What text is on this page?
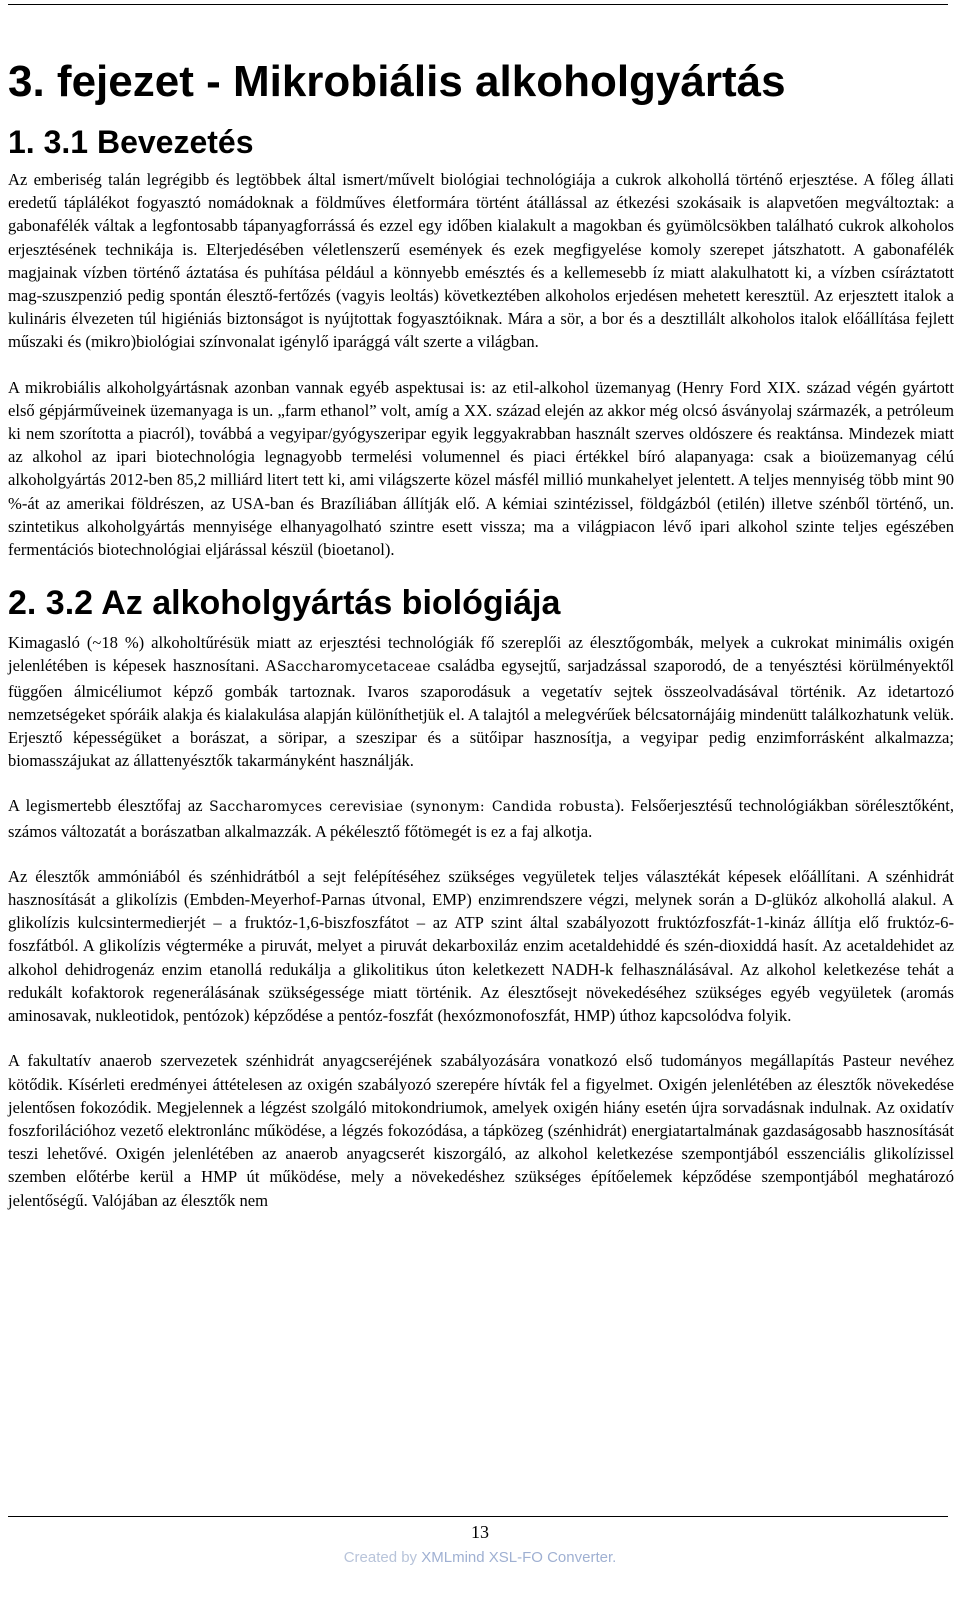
3. fejezet - Mikrobiális alkoholgyártás
1. 3.1 Bevezetés

Az emberiség talán legrégibb és legtöbbek által ismert/művelt biológiai technológiája a cukrok alkohollá történő erjesztése. A főleg állati eredetű táplálékot fogyasztó nomádoknak a földműves életformára történt átállással az étkezési szokásaik is alapvetően megváltoztak: a gabonafélék váltak a legfontosabb tápanyagforrássá és ezzel egy időben kialakult a magokban és gyümölcsökben található cukrok alkoholos erjesztésének technikája is. Elterjedésében véletlenszerű események és ezek megfigyelése komoly szerepet játszhatott. A gabonafélék magjainak vízben történő áztatása és puhítása például a könnyebb emésztés és a kellemesebb íz miatt alakulhatott ki, a vízben csíráztatott mag-szuszpenzió pedig spontán élesztő-fertőzés (vagyis leoltás) következtében alkoholos erjedésen mehetett keresztül. Az erjesztett italok a kulináris élvezeten túl higiéniás biztonságot is nyújtottak fogyasztóiknak. Mára a sör, a bor és a desztillált alkoholos italok előállítása fejlett műszaki és (mikro)biológiai színvonalat igénylő iparággá vált szerte a világban.

A mikrobiális alkoholgyártásnak azonban vannak egyéb aspektusai is: az etil-alkohol üzemanyag (Henry Ford XIX. század végén gyártott első gépjárműveinek üzemanyaga is un. „farm ethanol” volt, amíg a XX. század elején az akkor még olcsó ásványolaj származék, a petróleum ki nem szorította a piacról), továbbá a vegyipar/gyógyszeripar egyik leggyakrabban használt szerves oldószere és reaktánsa. Mindezek miatt az alkohol az ipari biotechnológia legnagyobb termelési volumennel és piaci értékkel bíró alapanyaga: csak a bioüzemanyag célú alkoholgyártás 2012-ben 85,2 milliárd litert tett ki, ami világszerte közel másfél millió munkahelyet jelentett. A teljes mennyiség több mint 90 %-át az amerikai földrészen, az USA-ban és Brazíliában állítják elő. A kémiai szintézissel, földgázból (etilén) illetve szénből történő, un. szintetikus alkoholgyártás mennyisége elhanyagolható szintre esett vissza; ma a világpiacon lévő ipari alkohol szinte teljes egészében fermentációs biotechnológiai eljárással készül (bioetanol).

2. 3.2 Az alkoholgyártás biológiája

Kimagasló (~18 %) alkoholtűrésük miatt az erjesztési technológiák fő szereplői az élesztőgombák, melyek a cukrokat minimális oxigén jelenlétében is képesek hasznosítani. ASaccharomycetaceae családba egysejtű, sarjadzással szaporodó, de a tenyésztési körülményektől függően álmicéliumot képző gombák tartoznak. Ivaros szaporodásuk a vegetatív sejtek összeolvadásával történik. Az idetartozó nemzetségeket spóráik alakja és kialakulása alapján különíthetjük el. A talajtól a melegvérűek bélcsatornájáig mindenütt találkozhatunk velük. Erjesztő képességüket a borászat, a söripar, a szeszipar és a sütőipar hasznosítja, a vegyipar pedig enzimforrásként alkalmazza; biomasszájukat az állattenyésztők takarmányként használják.

A legismertebb élesztőfaj az Saccharomyces cerevisiae (synonym: Candida robusta). Felsőerjesztésű technológiákban sörélesztőként, számos változatát a borászatban alkalmazzák. A pékélesztő főtömegét is ez a faj alkotja.

Az élesztők ammóniából és szénhidrátból a sejt felépítéséhez szükséges vegyületek teljes választékát képesek előállítani. A szénhidrát hasznosítását a glikolízis (Embden-Meyerhof-Parnas útvonal, EMP) enzimrendszere végzi, melynek során a D-glükóz alkohollá alakul. A glikolízis kulcsintermedierjét – a fruktóz-1,6-biszfoszfátot – az ATP szint által szabályozott fruktózfoszfát-1-kináz állítja elő fruktóz-6-foszfátból. A glikolízis végterméke a piruvát, melyet a piruvát dekarboxiláz enzim acetaldehiddé és szén-dioxiddá hasít. Az acetaldehidet az alkohol dehidrogenáz enzim etanollá redukálja a glikolitikus úton keletkezett NADH-k felhasználásával. Az alkohol keletkezése tehát a redukált kofaktorok regenerálásának szükségessége miatt történik. Az élesztősejt növekedéséhez szükséges egyéb vegyületek (aromás aminosavak, nukleotidok, pentózok) képződése a pentóz-foszfát (hexózmonofoszfát, HMP) úthoz kapcsolódva folyik.

A fakultatív anaerob szervezetek szénhidrát anyagcseréjének szabályozására vonatkozó első tudományos megállapítás Pasteur nevéhez kötődik. Kísérleti eredményei áttételesen az oxigén szabályozó szerepére hívták fel a figyelmet. Oxigén jelenlétében az élesztők növekedése jelentősen fokozódik. Megjelennek a légzést szolgáló mitokondriumok, amelyek oxigén hiány esetén újra sorvadásnak indulnak. Az oxidatív foszforilációhoz vezető elektronlánc működése, a légzés fokozódása, a tápközeg (szénhidrát) energiatartalmának gazdaságosabb hasznosítását teszi lehetővé. Oxigén jelenlétében az anaerob anyagcserét kiszorgáló, az alkohol keletkezése szempontjából esszenciális glikolízissel szemben előtérbe kerül a HMP út működése, mely a növekedéshez szükséges építőelemek képződése szempontjából meghatározó jelentőségű. Valójában az élesztők nem

13
Created by XMLmind XSL-FO Converter.
